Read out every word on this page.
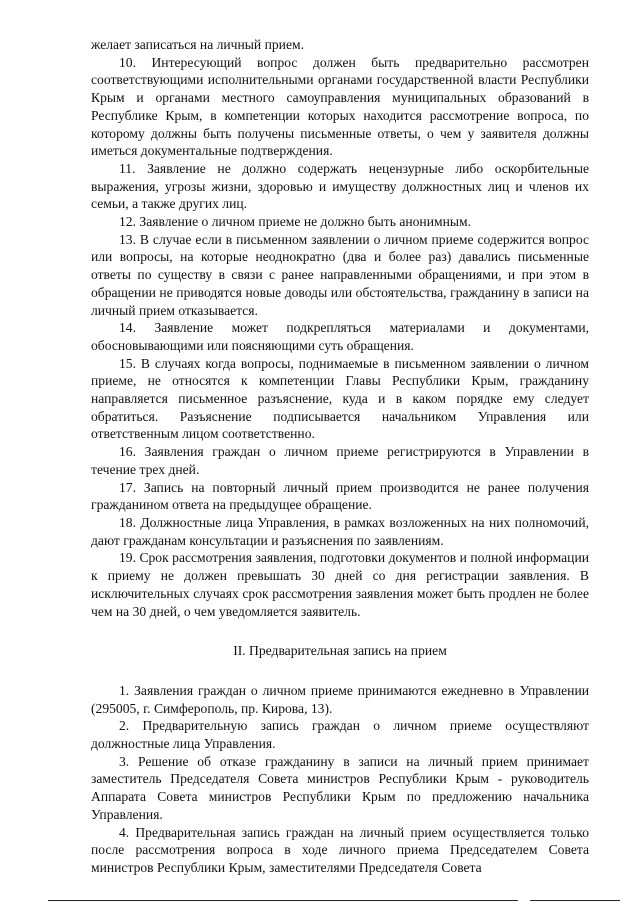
желает записаться на личный прием.

10. Интересующий вопрос должен быть предварительно рассмотрен соответствующими исполнительными органами государственной власти Республики Крым и органами местного самоуправления муниципальных образований в Республике Крым, в компетенции которых находится рассмотрение вопроса, по которому должны быть получены письменные ответы, о чем у заявителя должны иметься документальные подтверждения.

11. Заявление не должно содержать нецензурные либо оскорбительные выражения, угрозы жизни, здоровью и имуществу должностных лиц и членов их семьи, а также других лиц.

12. Заявление о личном приеме не должно быть анонимным.

13. В случае если в письменном заявлении о личном приеме содержится вопрос или вопросы, на которые неоднократно (два и более раз) давались письменные ответы по существу в связи с ранее направленными обращениями, и при этом в обращении не приводятся новые доводы или обстоятельства, гражданину в записи на личный прием отказывается.

14. Заявление может подкрепляться материалами и документами, обосновывающими или поясняющими суть обращения.

15. В случаях когда вопросы, поднимаемые в письменном заявлении о личном приеме, не относятся к компетенции Главы Республики Крым, гражданину направляется письменное разъяснение, куда и в каком порядке ему следует обратиться. Разъяснение подписывается начальником Управления или ответственным лицом соответственно.

16. Заявления граждан о личном приеме регистрируются в Управлении в течение трех дней.

17. Запись на повторный личный прием производится не ранее получения гражданином ответа на предыдущее обращение.

18. Должностные лица Управления, в рамках возложенных на них полномочий, дают гражданам консультации и разъяснения по заявлениям.

19. Срок рассмотрения заявления, подготовки документов и полной информации к приему не должен превышать 30 дней со дня регистрации заявления. В исключительных случаях срок рассмотрения заявления может быть продлен не более чем на 30 дней, о чем уведомляется заявитель.

II. Предварительная запись на прием

1. Заявления граждан о личном приеме принимаются ежедневно в Управлении (295005, г. Симферополь, пр. Кирова, 13).

2. Предварительную запись граждан о личном приеме осуществляют должностные лица Управления.

3. Решение об отказе гражданину в записи на личный прием принимает заместитель Председателя Совета министров Республики Крым - руководитель Аппарата Совета министров Республики Крым по предложению начальника Управления.

4. Предварительная запись граждан на личный прием осуществляется только после рассмотрения вопроса в ходе личного приема Председателем Совета министров Республики Крым, заместителями Председателя Совета
